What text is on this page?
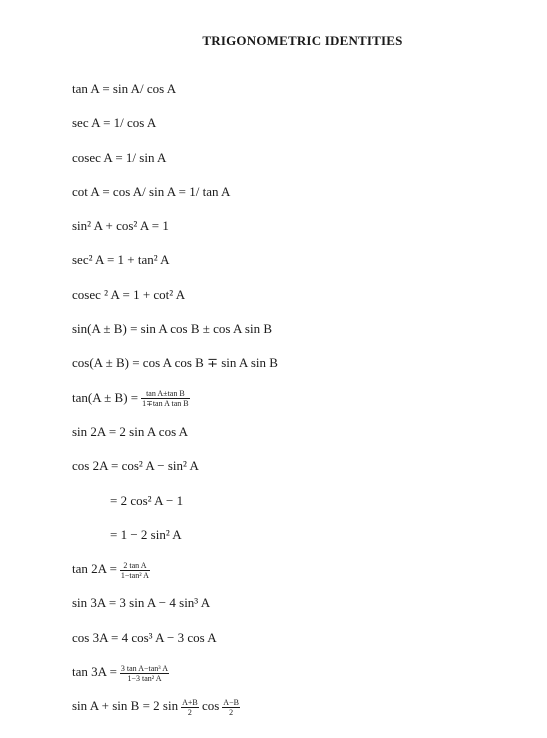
TRIGONOMETRIC IDENTITIES
tan A = sin A/ cos A
sec A = 1/ cos A
cosec A = 1/ sin A
cot A = cos A/ sin A = 1/ tan A
sin² A + cos² A = 1
sec² A = 1 + tan² A
cosec ² A = 1 + cot² A
sin(A ± B) = sin A cos B ± cos A sin B
cos(A ± B) = cos A cos B ∓ sin A sin B
$\tan(A \pm B) = \frac{\text{tan A±tan B}}{\text{1∓tan A tan B}}$
sin 2A = 2 sin A cos A
cos 2A = cos² A − sin² A
= 2 cos² A − 1
= 1 − 2 sin² A
$\tan 2A = \frac{\text{2 tan A}}{\text{1−tan² A}}$
sin 3A = 3 sin A − 4 sin³ A
cos 3A = 4 cos³ A − 3 cos A
$\tan 3A = \frac{\text{3 tan A−tan³ A}}{\text{1−3 tan² A}}$
sin A + sin B = 2 $\sin \frac{A+B}{2}$ $\cos \frac{A-B}{2}$
